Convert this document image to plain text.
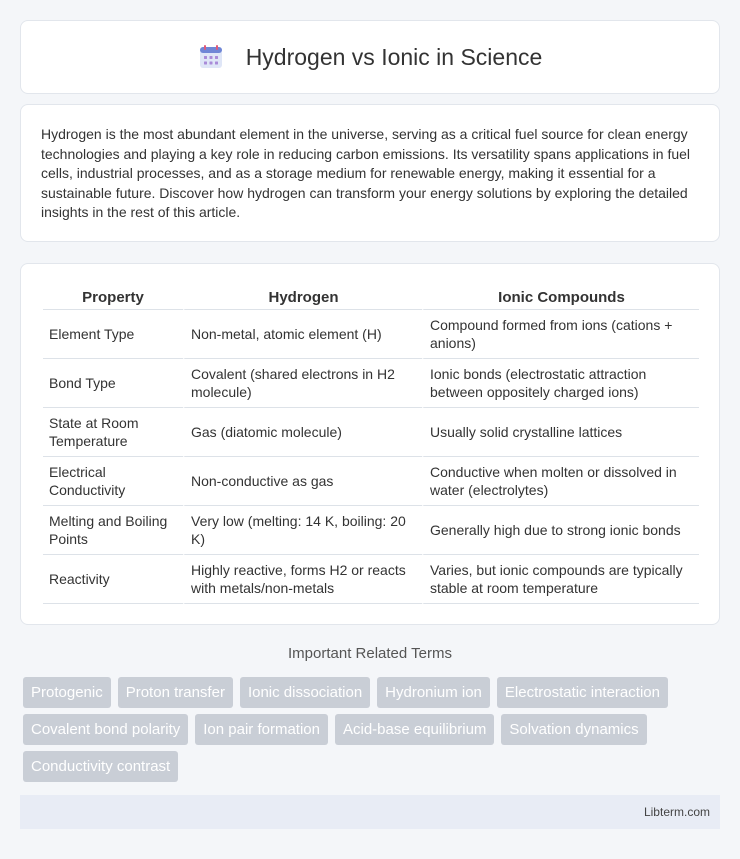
Hydrogen vs Ionic in Science

Hydrogen is the most abundant element in the universe, serving as a critical fuel source for clean energy technologies and playing a key role in reducing carbon emissions. Its versatility spans applications in fuel cells, industrial processes, and as a storage medium for renewable energy, making it essential for a sustainable future. Discover how hydrogen can transform your energy solutions by exploring the detailed insights in the rest of this article.

Property	Hydrogen	Ionic Compounds
Element Type	Non-metal, atomic element (H)	Compound formed from ions (cations + anions)
Bond Type	Covalent (shared electrons in H2 molecule)	Ionic bonds (electrostatic attraction between oppositely charged ions)
State at Room Temperature	Gas (diatomic molecule)	Usually solid crystalline lattices
Electrical Conductivity	Non-conductive as gas	Conductive when molten or dissolved in water (electrolytes)
Melting and Boiling Points	Very low (melting: 14 K, boiling: 20 K)	Generally high due to strong ionic bonds
Reactivity	Highly reactive, forms H2 or reacts with metals/non-metals	Varies, but ionic compounds are typically stable at room temperature
Important Related Terms
Protogenic	Proton transfer	Ionic dissociation	Hydronium ion	Electrostatic interaction
Covalent bond polarity	Ion pair formation	Acid-base equilibrium	Solvation dynamics
Conductivity contrast
Libterm.com
